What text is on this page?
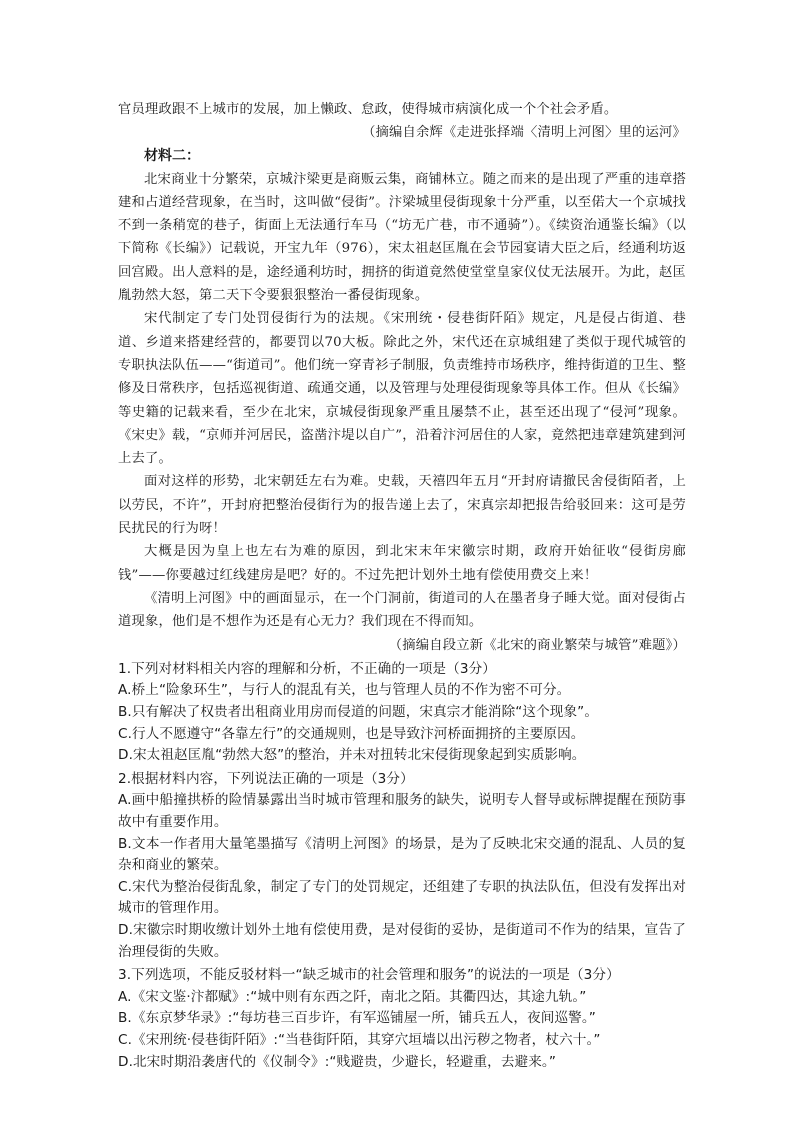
官员理政跟不上城市的发展，加上懒政、怠政，使得城市病演化成一个个社会矛盾。

（摘编自余辉《走进张择端〈清明上河图〉里的运河》

材料二：

北宋商业十分繁荣，京城汴梁更是商贩云集，商铺林立。随之而来的是出现了严重的违章搭建和占道经营现象，在当时，这叫做“侵街”。汴梁城里侵街现象十分严重，以至偌大一个京城找不到一条稍宽的巷子，街面上无法通行车马（“坊无广巷，市不通骑”）。《续资治通鉴长编》（以下简称《长编》）记载说，开宝九年（976），宋太祖赵匡胤在会节园宴请大臣之后，经通利坊返回宫殿。出人意料的是，途经通利坊时，拥挤的街道竟然使堂堂皇家仪仗无法展开。为此，赵匡胤勃然大怒，第二天下令要狠狠整治一番侵街现象。

宋代制定了专门处罚侵街行为的法规。《宋刑统・侵巷街阡陌》规定，凡是侵占街道、巷道、乡道来搭建经营的，都要罚以70大板。除此之外，宋代还在京城组建了类似于现代城管的专职执法队伍——“街道司”。他们统一穿青衫子制服，负责维持市场秩序，维持街道的卫生、整修及日常秩序，包括巡视街道、疏通交通，以及管理与处理侵街现象等具体工作。但从《长编》等史籍的记载来看，至少在北宋，京城侵街现象严重且屡禁不止，甚至还出现了“侵河”现象。《宋史》载，“京师并河居民，盗凿汴堤以自广”，沿着汴河居住的人家，竟然把违章建筑建到河上去了。

面对这样的形势，北宋朝廷左右为难。史载，天禧四年五月“开封府请撤民舍侵街陌者，上以劳民，不许”，开封府把整治侵街行为的报告递上去了，宋真宗却把报告给驳回来：这可是劳民扰民的行为呀！

大概是因为皇上也左右为难的原因，到北宋末年宋徽宗时期，政府开始征收“侵街房廊钱”——你要越过红线建房是吧？好的。不过先把计划外土地有偿使用费交上来！

《清明上河图》中的画面显示，在一个门洞前，街道司的人在墨者身子睡大觉。面对侵街占道现象，他们是不想作为还是有心无力？我们现在不得而知。

（摘编自段立新《北宋的商业繁荣与城管”难题》）

1.下列对材料相关内容的理解和分析，不正确的一项是（3分）

A.桥上“险象环生”，与行人的混乱有关，也与管理人员的不作为密不可分。

B.只有解决了权贵者出租商业用房而侵道的问题，宋真宗才能消除“这个现象”。

C.行人不愿遵守“各靠左行”的交通规则，也是导致汴河桥面拥挤的主要原因。

D.宋太祖赵匡胤“勃然大怒”的整治，并未对扭转北宋侵街现象起到实质影响。

2.根据材料内容，下列说法正确的一项是（3分）

A.画中船撞拱桥的险情暴露出当时城市管理和服务的缺失，说明专人督导或标牌提醒在预防事故中有重要作用。

B.文本一作者用大量笔墨描写《清明上河图》的场景，是为了反映北宋交通的混乱、人员的复杂和商业的繁荣。

C.宋代为整治侵街乱象，制定了专门的处罚规定，还组建了专职的执法队伍，但没有发挥出对城市的管理作用。

D.宋徽宗时期收缴计划外土地有偿使用费，是对侵街的妥协，是街道司不作为的结果，宣告了治理侵街的失败。

3.下列选项，不能反驳材料一“缺乏城市的社会管理和服务”的说法的一项是（3分）

A.《宋文鉴·汴都赋》:“城中则有东西之阡，南北之陌。其衢四达，其途九轨。”

B.《东京梦华录》:“每坊巷三百步许，有军巡铺屋一所，铺兵五人，夜间巡警。”

C.《宋刑统·侵巷街阡陌》:“当巷街阡陌，其穿穴垣墙以出污秽之物者，杖六十。”

D.北宋时期沿袭唐代的《仪制令》:“贱避贵，少避长，轻避重，去避来。”
